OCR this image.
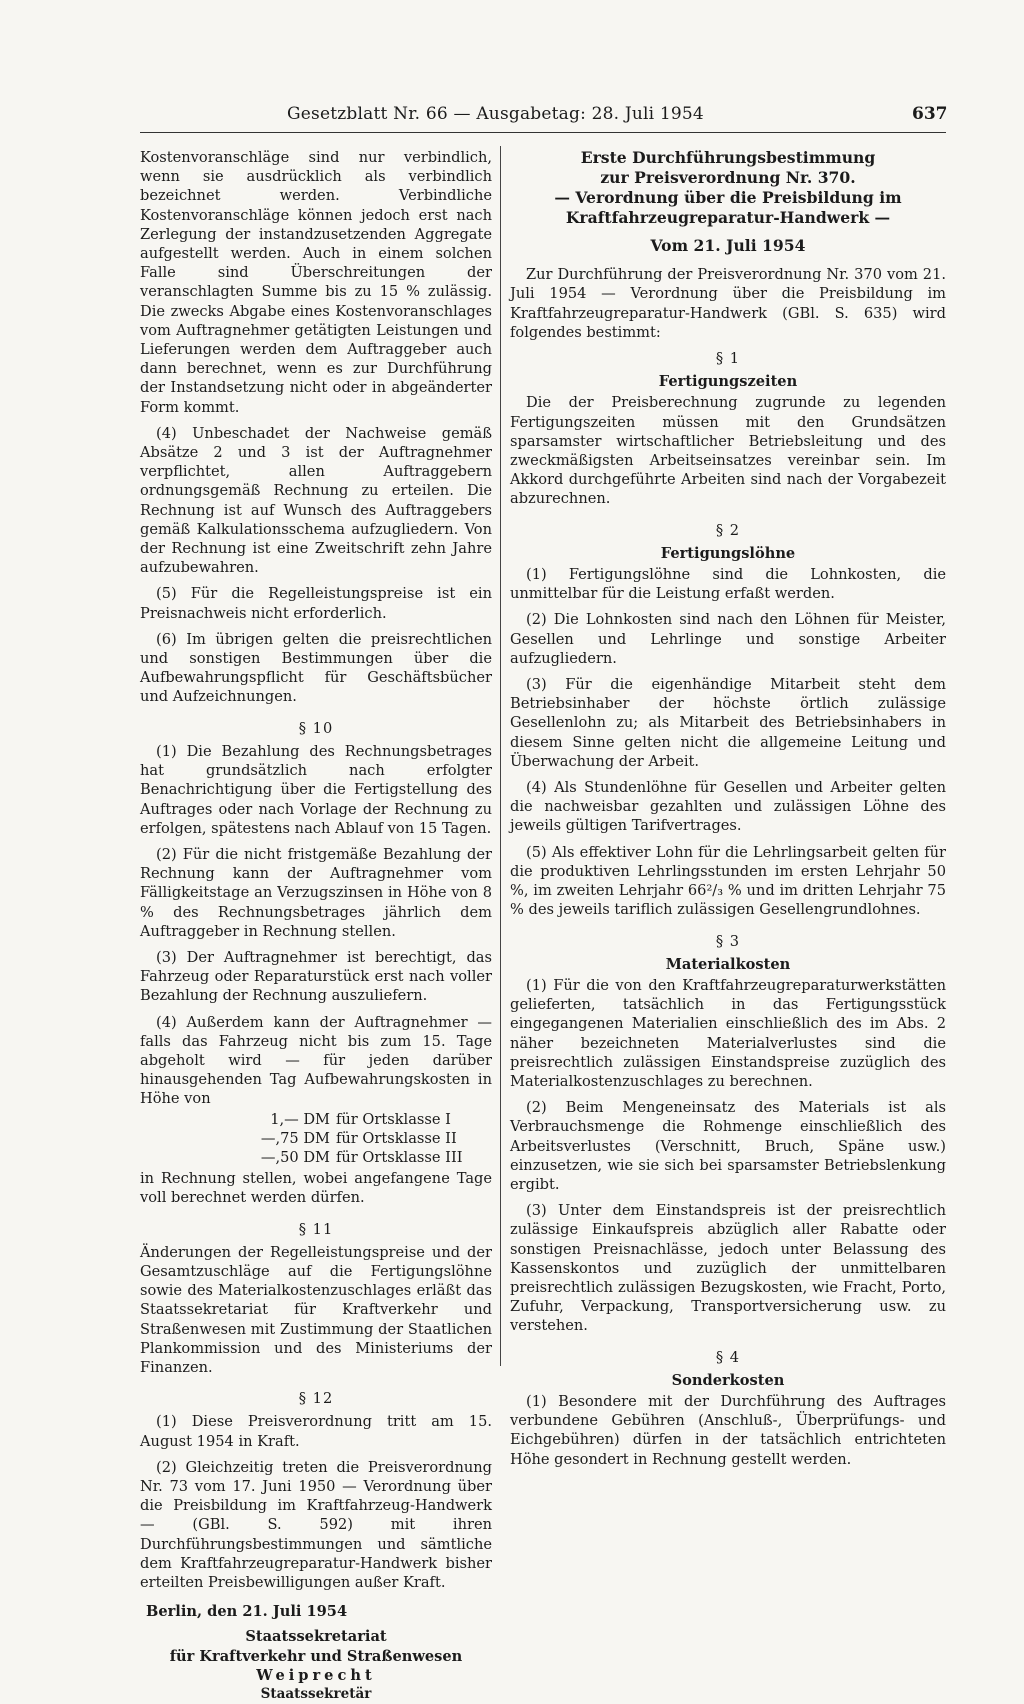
Gesetzblatt Nr. 66 — Ausgabetag: 28. Juli 1954	637

Kostenvoranschläge sind nur verbindlich, wenn sie ausdrücklich als verbindlich bezeichnet werden. Verbindliche Kostenvoranschläge können jedoch erst nach Zerlegung der instandzusetzenden Aggregate aufgestellt werden. Auch in einem solchen Falle sind Überschreitungen der veranschlagten Summe bis zu 15 % zulässig. Die zwecks Abgabe eines Kostenvoranschlages vom Auftragnehmer getätigten Leistungen und Lieferungen werden dem Auftraggeber auch dann berechnet, wenn es zur Durchführung der Instandsetzung nicht oder in abgeänderter Form kommt.

(4) Unbeschadet der Nachweise gemäß Absätze 2 und 3 ist der Auftragnehmer verpflichtet, allen Auftraggebern ordnungsgemäß Rechnung zu erteilen. Die Rechnung ist auf Wunsch des Auftraggebers gemäß Kalkulationsschema aufzugliedern. Von der Rechnung ist eine Zweitschrift zehn Jahre aufzubewahren.

(5) Für die Regelleistungspreise ist ein Preisnachweis nicht erforderlich.

(6) Im übrigen gelten die preisrechtlichen und sonstigen Bestimmungen über die Aufbewahrungspflicht für Geschäftsbücher und Aufzeichnungen.

§ 10

(1) Die Bezahlung des Rechnungsbetrages hat grundsätzlich nach erfolgter Benachrichtigung über die Fertigstellung des Auftrages oder nach Vorlage der Rechnung zu erfolgen, spätestens nach Ablauf von 15 Tagen.

(2) Für die nicht fristgemäße Bezahlung der Rechnung kann der Auftragnehmer vom Fälligkeitstage an Verzugszinsen in Höhe von 8 % des Rechnungsbetrages jährlich dem Auftraggeber in Rechnung stellen.

(3) Der Auftragnehmer ist berechtigt, das Fahrzeug oder Reparaturstück erst nach voller Bezahlung der Rechnung auszuliefern.

(4) Außerdem kann der Auftragnehmer — falls das Fahrzeug nicht bis zum 15. Tage abgeholt wird — für jeden darüber hinausgehenden Tag Aufbewahrungskosten in Höhe von

1,— DM für Ortsklasse I
—,75 DM für Ortsklasse II
—,50 DM für Ortsklasse III

in Rechnung stellen, wobei angefangene Tage voll berechnet werden dürfen.

§ 11

Änderungen der Regelleistungspreise und der Gesamtzuschläge auf die Fertigungslöhne sowie des Materialkostenzuschlages erläßt das Staatssekretariat für Kraftverkehr und Straßenwesen mit Zustimmung der Staatlichen Plankommission und des Ministeriums der Finanzen.

§ 12

(1) Diese Preisverordnung tritt am 15. August 1954 in Kraft.

(2) Gleichzeitig treten die Preisverordnung Nr. 73 vom 17. Juni 1950 — Verordnung über die Preisbildung im Kraftfahrzeug-Handwerk — (GBl. S. 592) mit ihren Durchführungsbestimmungen und sämtliche dem Kraftfahrzeugreparatur-Handwerk bisher erteilten Preisbewilligungen außer Kraft.

Berlin, den 21. Juli 1954
Staatssekretariat
für Kraftverkehr und Straßenwesen
Weiprecht
Staatssekretär
Erste Durchführungsbestimmung
zur Preisverordnung Nr. 370.
— Verordnung über die Preisbildung im Kraftfahrzeugreparatur-Handwerk —
Vom 21. Juli 1954

Zur Durchführung der Preisverordnung Nr. 370 vom 21. Juli 1954 — Verordnung über die Preisbildung im Kraftfahrzeugreparatur-Handwerk (GBl. S. 635) wird folgendes bestimmt:

§ 1
Fertigungszeiten

Die der Preisberechnung zugrunde zu legenden Fertigungszeiten müssen mit den Grundsätzen sparsamster wirtschaftlicher Betriebsleitung und des zweckmäßigsten Arbeitseinsatzes vereinbar sein. Im Akkord durchgeführte Arbeiten sind nach der Vorgabezeit abzurechnen.

§ 2
Fertigungslöhne

(1) Fertigungslöhne sind die Lohnkosten, die unmittelbar für die Leistung erfaßt werden.

(2) Die Lohnkosten sind nach den Löhnen für Meister, Gesellen und Lehrlinge und sonstige Arbeiter aufzugliedern.

(3) Für die eigenhändige Mitarbeit steht dem Betriebsinhaber der höchste örtlich zulässige Gesellenlohn zu; als Mitarbeit des Betriebsinhabers in diesem Sinne gelten nicht die allgemeine Leitung und Überwachung der Arbeit.

(4) Als Stundenlöhne für Gesellen und Arbeiter gelten die nachweisbar gezahlten und zulässigen Löhne des jeweils gültigen Tarifvertrages.

(5) Als effektiver Lohn für die Lehrlingsarbeit gelten für die produktiven Lehrlingsstunden im ersten Lehrjahr 50 %, im zweiten Lehrjahr 66²/₃ % und im dritten Lehrjahr 75 % des jeweils tariflich zulässigen Gesellengrundlohnes.

§ 3
Materialkosten

(1) Für die von den Kraftfahrzeugreparaturwerkstätten gelieferten, tatsächlich in das Fertigungsstück eingegangenen Materialien einschließlich des im Abs. 2 näher bezeichneten Materialverlustes sind die preisrechtlich zulässigen Einstandspreise zuzüglich des Materialkostenzuschlages zu berechnen.

(2) Beim Mengeneinsatz des Materials ist als Verbrauchsmenge die Rohmenge einschließlich des Arbeitsverlustes (Verschnitt, Bruch, Späne usw.) einzusetzen, wie sie sich bei sparsamster Betriebslenkung ergibt.

(3) Unter dem Einstandspreis ist der preisrechtlich zulässige Einkaufspreis abzüglich aller Rabatte oder sonstigen Preisnachlässe, jedoch unter Belassung des Kassenskontos und zuzüglich der unmittelbaren preisrechtlich zulässigen Bezugskosten, wie Fracht, Porto, Zufuhr, Verpackung, Transportversicherung usw. zu verstehen.

§ 4
Sonderkosten

(1) Besondere mit der Durchführung des Auftrages verbundene Gebühren (Anschluß-, Überprüfungs- und Eichgebühren) dürfen in der tatsächlich entrichteten Höhe gesondert in Rechnung gestellt werden.
